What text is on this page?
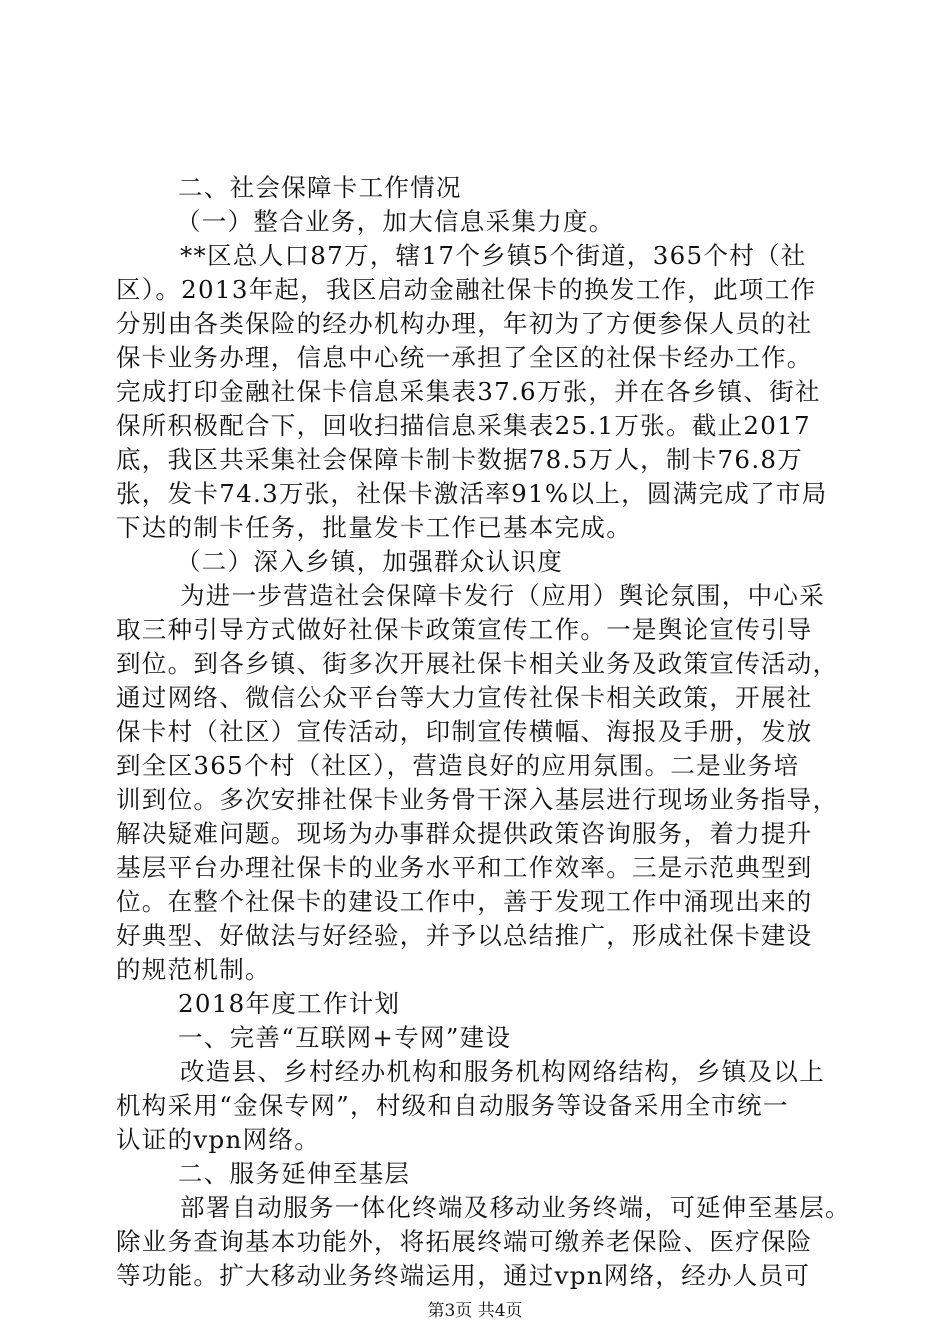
二、社会保障卡工作情况
（一）整合业务，加大信息采集力度。
**区总人口87万，辖17个乡镇5个街道，365个村（社
区）。2013年起，我区启动金融社保卡的换发工作，此项工作
分别由各类保险的经办机构办理，年初为了方便参保人员的社
保卡业务办理，信息中心统一承担了全区的社保卡经办工作。
完成打印金融社保卡信息采集表37.6万张，并在各乡镇、街社
保所积极配合下，回收扫描信息采集表25.1万张。截止2017
底，我区共采集社会保障卡制卡数据78.5万人，制卡76.8万
张，发卡74.3万张，社保卡激活率91%以上，圆满完成了市局
下达的制卡任务，批量发卡工作已基本完成。
（二）深入乡镇，加强群众认识度
为进一步营造社会保障卡发行（应用）舆论氛围，中心采
取三种引导方式做好社保卡政策宣传工作。一是舆论宣传引导
到位。到各乡镇、街多次开展社保卡相关业务及政策宣传活动，
通过网络、微信公众平台等大力宣传社保卡相关政策，开展社
保卡村（社区）宣传活动，印制宣传横幅、海报及手册，发放
到全区365个村（社区），营造良好的应用氛围。二是业务培
训到位。多次安排社保卡业务骨干深入基层进行现场业务指导，
解决疑难问题。现场为办事群众提供政策咨询服务，着力提升
基层平台办理社保卡的业务水平和工作效率。三是示范典型到
位。在整个社保卡的建设工作中，善于发现工作中涌现出来的
好典型、好做法与好经验，并予以总结推广，形成社保卡建设
的规范机制。
2018年度工作计划
一、完善“互联网+专网”建设
改造县、乡村经办机构和服务机构网络结构，乡镇及以上
机构采用“金保专网”，村级和自动服务等设备采用全市统一
认证的vpn网络。
二、服务延伸至基层
部署自动服务一体化终端及移动业务终端，可延伸至基层。
除业务查询基本功能外，将拓展终端可缴养老保险、医疗保险
等功能。扩大移动业务终端运用，通过vpn网络，经办人员可
第3页 共4页
